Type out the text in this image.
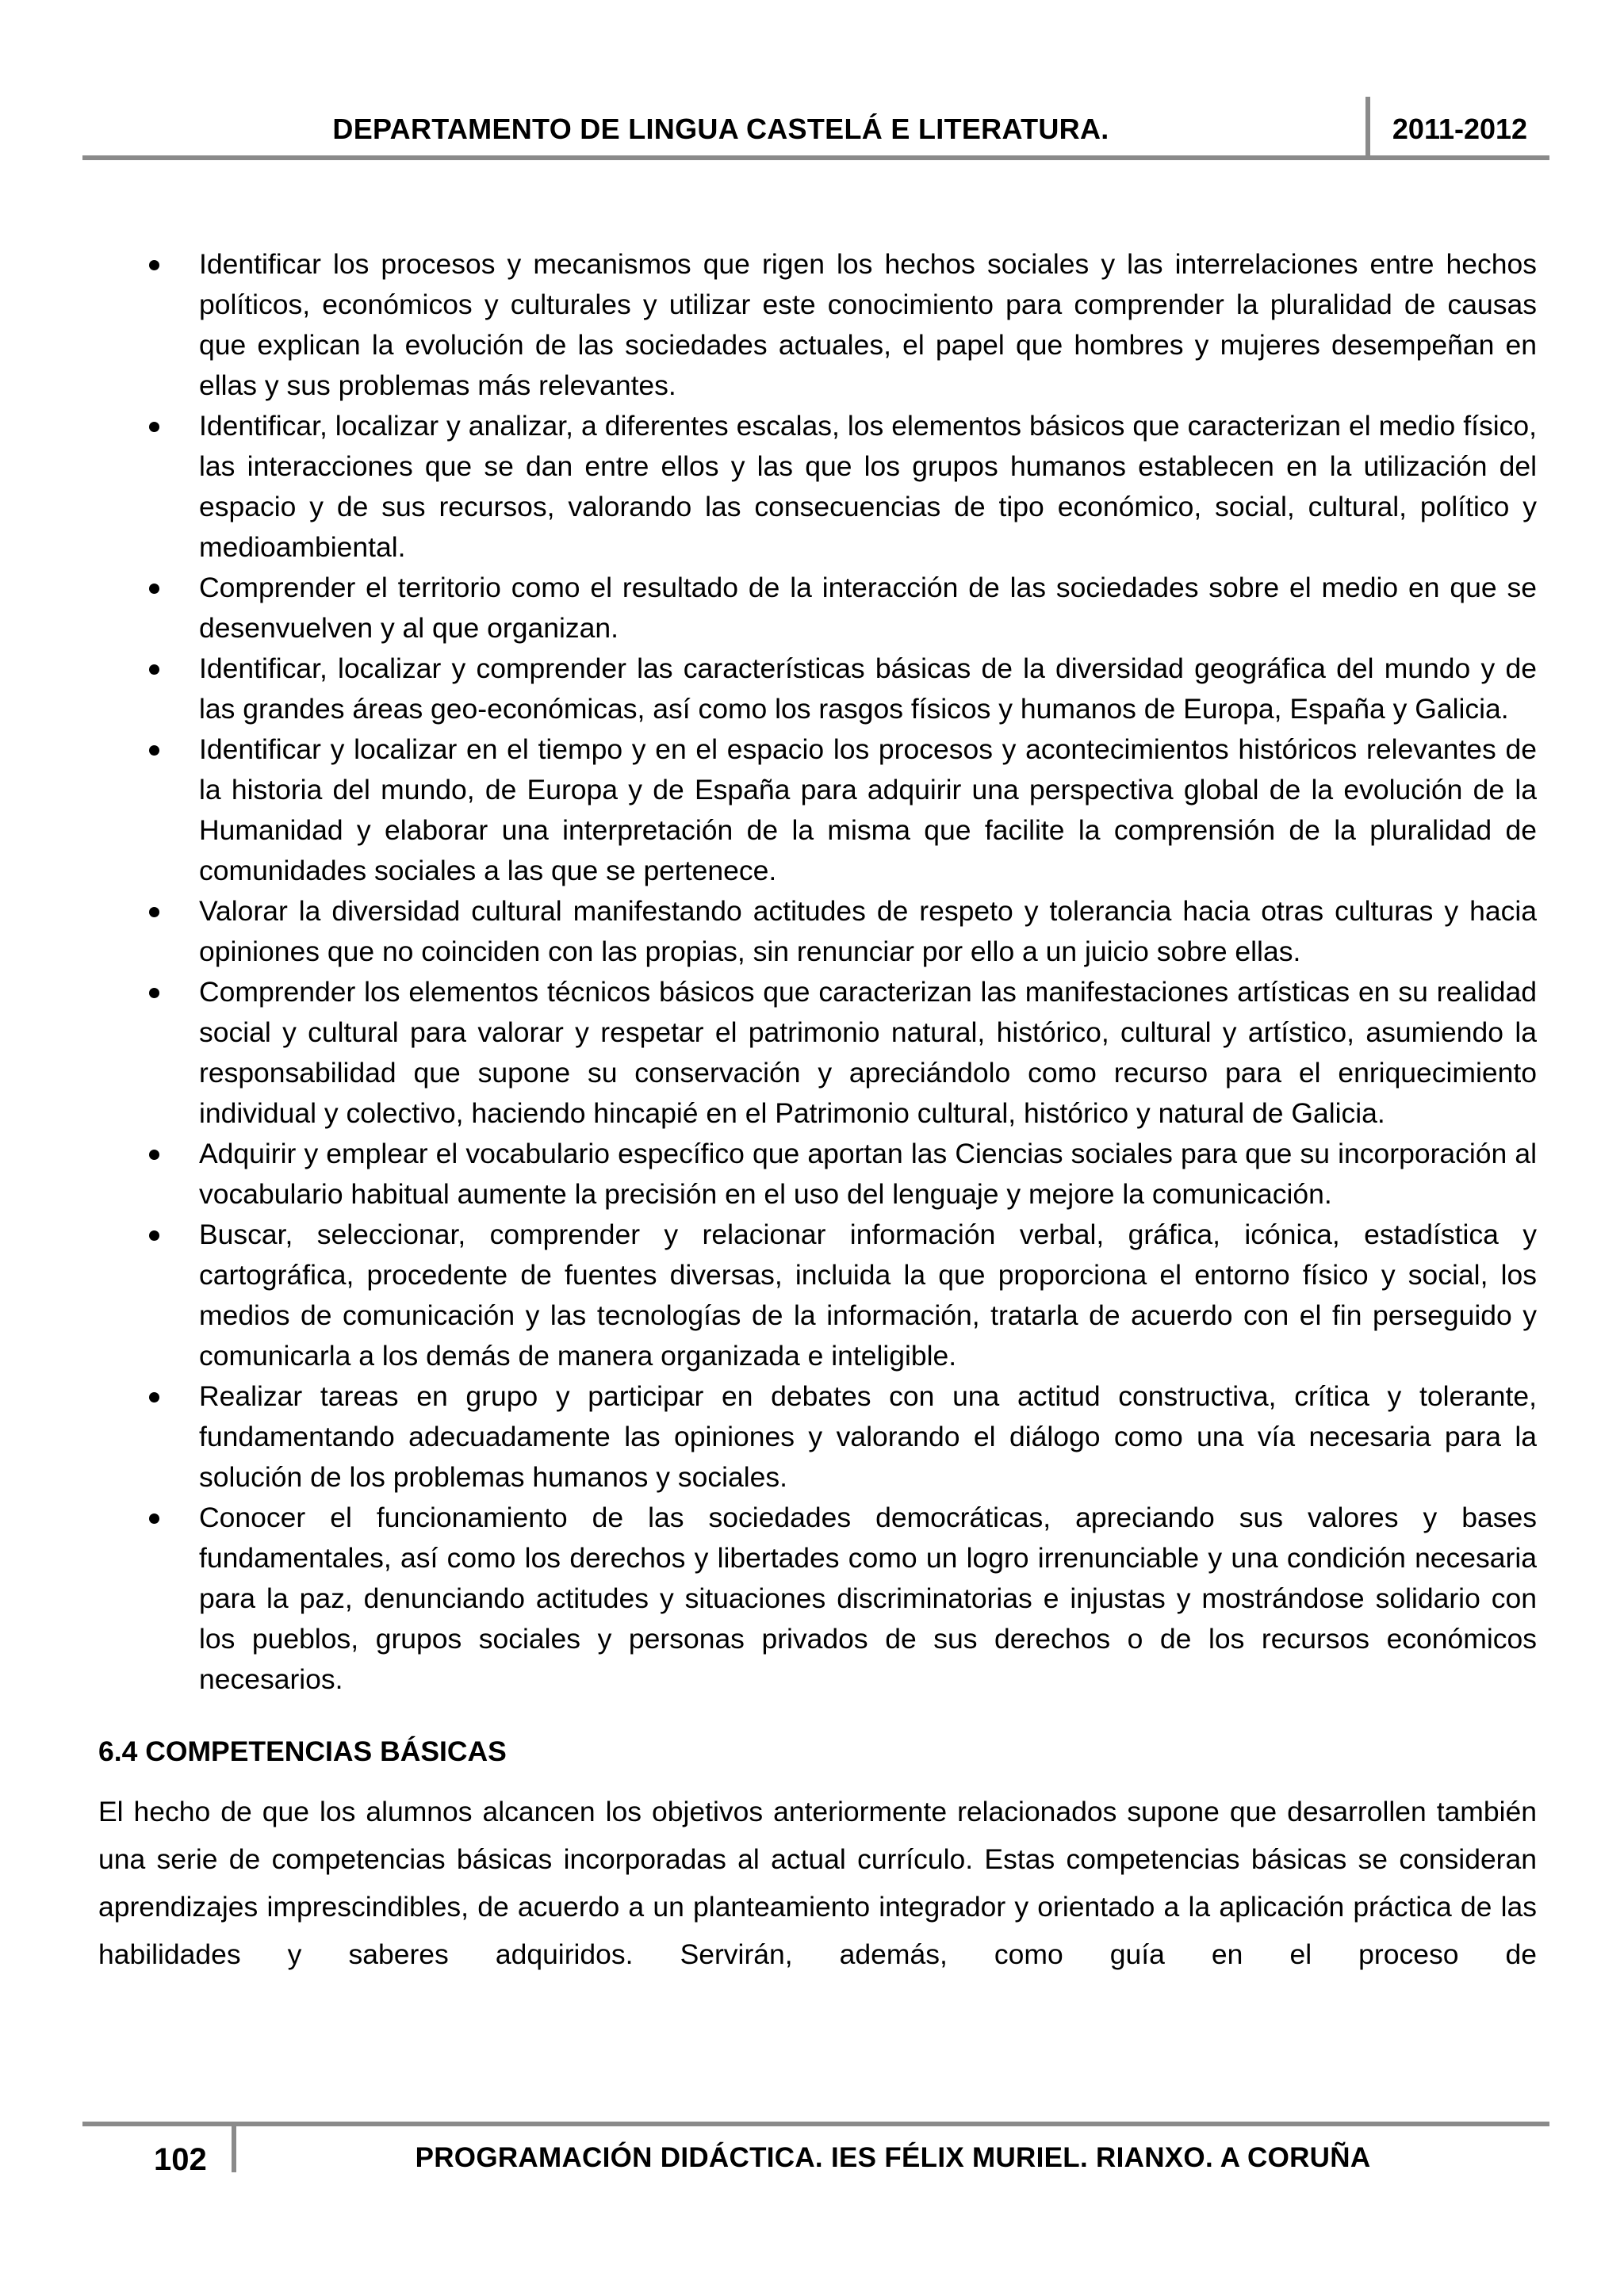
DEPARTAMENTO DE LINGUA CASTELÁ E LITERATURA.	2011-2012
Identificar los procesos y mecanismos que rigen los hechos sociales y las interrelaciones entre hechos políticos, económicos y culturales y utilizar este conocimiento para comprender la pluralidad de causas que explican la evolución de las sociedades actuales, el papel que hombres y mujeres desempeñan en ellas y sus problemas más relevantes.
Identificar, localizar y analizar, a diferentes escalas, los elementos básicos que caracterizan el medio físico, las interacciones que se dan entre ellos y las que los grupos humanos establecen en la utilización del espacio y de sus recursos, valorando las consecuencias de tipo económico, social, cultural, político y medioambiental.
Comprender el territorio como el resultado de la interacción de las sociedades sobre el medio en que se desenvuelven y al que organizan.
Identificar, localizar y comprender las características básicas de la diversidad geográfica del mundo y de las grandes áreas geo-económicas, así como los rasgos físicos y humanos de Europa, España y Galicia.
Identificar y localizar en el tiempo y en el espacio los procesos y acontecimientos históricos relevantes de la historia del mundo, de Europa y de España para adquirir una perspectiva global de la evolución de la Humanidad y elaborar una interpretación de la misma que facilite la comprensión de la pluralidad de comunidades sociales a las que se pertenece.
Valorar la diversidad cultural manifestando actitudes de respeto y tolerancia hacia otras culturas y hacia opiniones que no coinciden con las propias, sin renunciar por ello a un juicio sobre ellas.
Comprender los elementos técnicos básicos que caracterizan las manifestaciones artísticas en su realidad social y cultural para valorar y respetar el patrimonio natural, histórico, cultural y artístico, asumiendo la responsabilidad que supone su conservación y apreciándolo como recurso para el enriquecimiento individual y colectivo, haciendo hincapié en el Patrimonio cultural, histórico y natural de Galicia.
Adquirir y emplear el vocabulario específico que aportan las Ciencias sociales para que su incorporación al vocabulario habitual aumente la precisión en el uso del lenguaje y mejore la comunicación.
Buscar, seleccionar, comprender y relacionar información verbal, gráfica, icónica, estadística y cartográfica, procedente de fuentes diversas, incluida la que proporciona el entorno físico y social, los medios de comunicación y las tecnologías de la información, tratarla de acuerdo con el fin perseguido y comunicarla a los demás de manera organizada e inteligible.
Realizar tareas en grupo y participar en debates con una actitud constructiva, crítica y tolerante, fundamentando adecuadamente las opiniones y valorando el diálogo como una vía necesaria para la solución de los problemas humanos y sociales.
Conocer el funcionamiento de las sociedades democráticas, apreciando sus valores y bases fundamentales, así como los derechos y libertades como un logro irrenunciable y una condición necesaria para la paz, denunciando actitudes y situaciones discriminatorias e injustas y mostrándose solidario con los pueblos, grupos sociales y personas privados de sus derechos o de los recursos económicos necesarios.
6.4 COMPETENCIAS BÁSICAS
El hecho de que los alumnos alcancen los objetivos anteriormente relacionados supone que desarrollen también una serie de competencias básicas incorporadas al actual currículo. Estas competencias básicas se consideran aprendizajes imprescindibles, de acuerdo a un planteamiento integrador y orientado a la aplicación práctica de las habilidades y saberes adquiridos. Servirán, además, como guía en el proceso de
102	PROGRAMACIÓN DIDÁCTICA. IES FÉLIX MURIEL. RIANXO. A CORUÑA
